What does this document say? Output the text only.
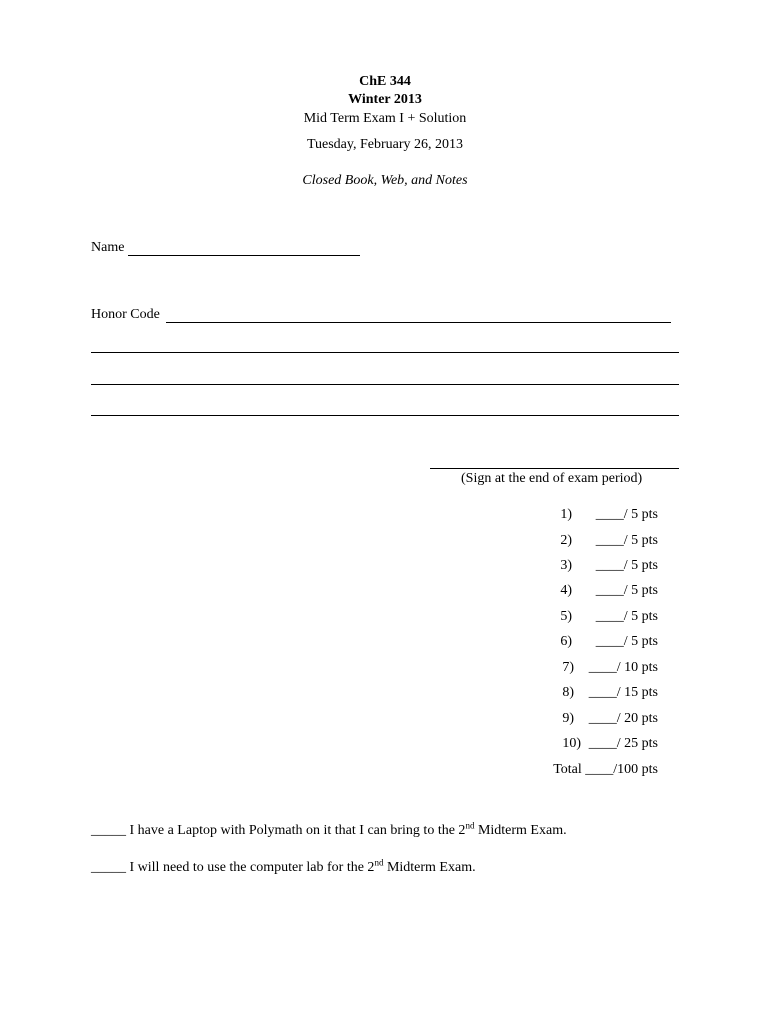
ChE 344
Winter 2013
Mid Term Exam I + Solution
Tuesday, February 26, 2013
Closed Book, Web, and Notes
Name
Honor Code
(Sign at the end of exam period)
1) ____/ 5 pts
2) ____/ 5 pts
3) ____/ 5 pts
4) ____/ 5 pts
5) ____/ 5 pts
6) ____/ 5 pts
7) ____/ 10 pts
8) ____/ 15 pts
9) ____/ 20 pts
10) ____/ 25 pts
Total ____/100 pts
_____ I have a Laptop with Polymath on it that I can bring to the 2nd Midterm Exam.
_____ I will need to use the computer lab for the 2nd Midterm Exam.
